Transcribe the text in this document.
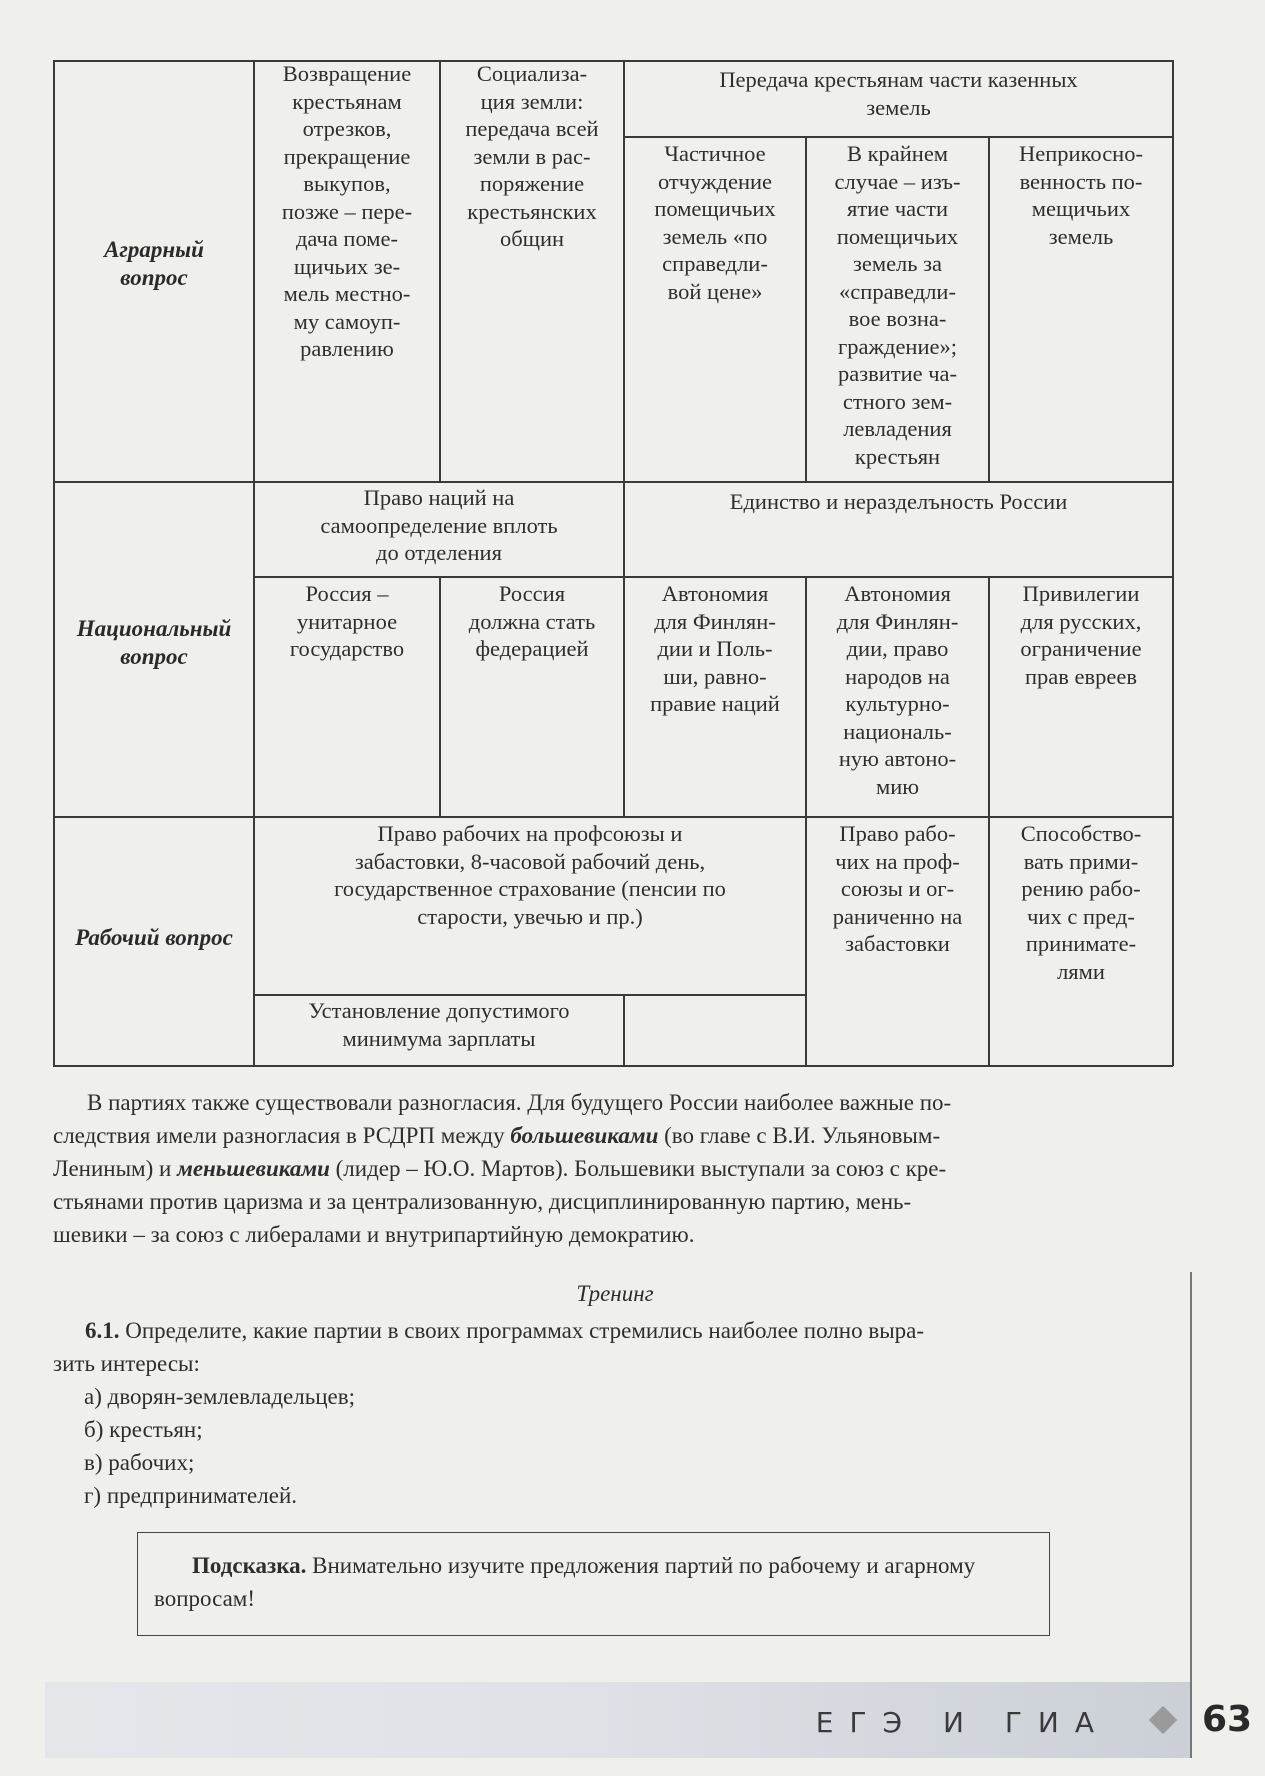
Аграрный
вопрос
Возвращение
крестьянам
отрезков,
прекращение
выкупов,
позже – пере-
дача поме-
щичьих зе-
мель местно-
му самоуп-
равлению
Социализа-
ция земли:
передача всей
земли в рас-
поряжение
крестьянских
общин
Передача крестьянам части казенных
земель
Частичное
отчуждение
помещичьих
земель «по
справедли-
вой цене»
В крайнем
случае – изъ-
ятие части
помещичьих
земель за
«справедли-
вое возна-
граждение»;
развитие ча-
стного зем-
левладения
крестьян
Неприкосно-
венность по-
мещичьих
земель
Национальный
вопрос
Право наций на
самоопределение вплоть
до отделения
Единство и неразделъность России
Россия –
унитарное
государство
Россия
должна стать
федерацией
Автономия
для Финлян-
дии и Поль-
ши, равно-
правие наций
Автономия
для Финлян-
дии, право
народов на
культурно-
националь-
ную автоно-
мию
Привилегии
для русских,
ограничение
прав евреев
Рабочий вопрос
Право рабочих на профсоюзы и
забастовки, 8-часовой рабочий день,
государственное страхование (пенсии по
старости, увечью и пр.)
Установление допустимого
минимума зарплаты
Право рабо-
чих на проф-
союзы и ог-
раниченно на
забастовки
Способство-
вать прими-
рению рабо-
чих с пред-
принимате-
лями
В партиях также существовали разногласия. Для будущего России наиболее важные по-
следствия имели разногласия в РСДРП между большевиками (во главе с В.И. Ульяновым-
Лениным) и меньшевиками (лидер – Ю.О. Мартов). Большевики выступали за союз с кре-
стьянами против царизма и за централизованную, дисциплинированную партию, мень-
шевики – за союз с либералами и внутрипартийную демократию.
Тренинг
6.1. Определите, какие партии в своих программах стремились наиболее полно выра-
зить интересы:
а) дворян-землевладельцев;
б) крестьян;
в) рабочих;
г) предпринимателей.
Подсказка. Внимательно изучите предложения партий по рабочему и агарному вопросам!
ЕГЭ И ГИА	63
